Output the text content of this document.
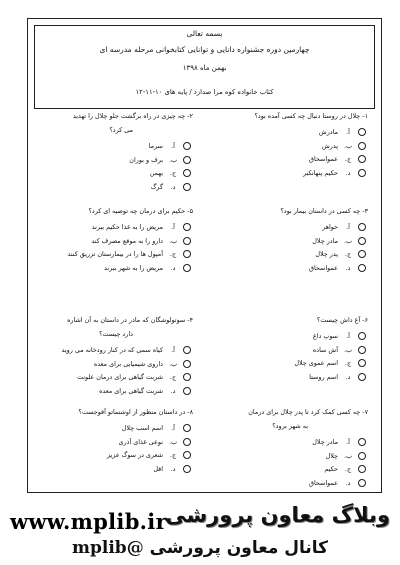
بسمه تعالی
چهارمین دوره جشنواره دانایی و توانایی کتابخوانی مرحله مدرسه ای
بهمن ماه ۱۳۹۸
کتاب خانواده کوه مرا صدازد / پایه های ۱۰-۱۱-۱۲
۱- چلال در روستا دنبال چه کسی آمده بود؟
آ.
مادرش
ب.
پدرش
ج.
عمواسحاق
د.
حکیم پنهانکبر
۲- چه چیزی در راه برگشت جلو چلال را تهدید
می کرد؟
آ.
سرما
ب.
برف و بوران
ج.
بهمن
د.
گرگ
۳- چه کسی در داستان بیمار بود؟
آ.
خواهر
ب.
مادر چلال
ج.
پدر چلال
د.
عمواسحاق
۵- حکیم برای درمان چه توصیه ای کرد؟
آ.
مریض را به غذا حکیم ببرند
ب.
دارو را به موقع مصرف کند
ج.
آمپول ها را در بیمارستان تزریق کنند
د.
مریض را به شهر ببرند
۶- آغ داش چیست؟
آ.
سوپ داغ
ب.
آش ساده
ج.
اسم عموی چلال
د.
اسم روستا
۴- سوتولوشگان که مادر در داستان به آن اشاره
دارد چیست؟
آ.
کیاه سمی که در کنار رودخانه می روید
ب.
داروی شیمیایی برای معده
ج.
شربت گیاهی برای درمان علونت
د.
شربت گیاهی برای معده
۷- چه کسی کمک کرد تا پدر چلال برای درمان
به شهر برود؟
آ.
مادر چلال
ب.
چلال
ج.
حکیم
د.
عمواسحاق
۸- در داستان منظور از اوشتماتو آقوجست؟
آ.
اسم اسب چلال
ب.
نوعی غذای آذری
ج.
شعری در سوگ عزیز
د.
اقل
www.mplib.ir
وبلاگ معاون پرورشی
کانال معاون پرورشی @mplib
